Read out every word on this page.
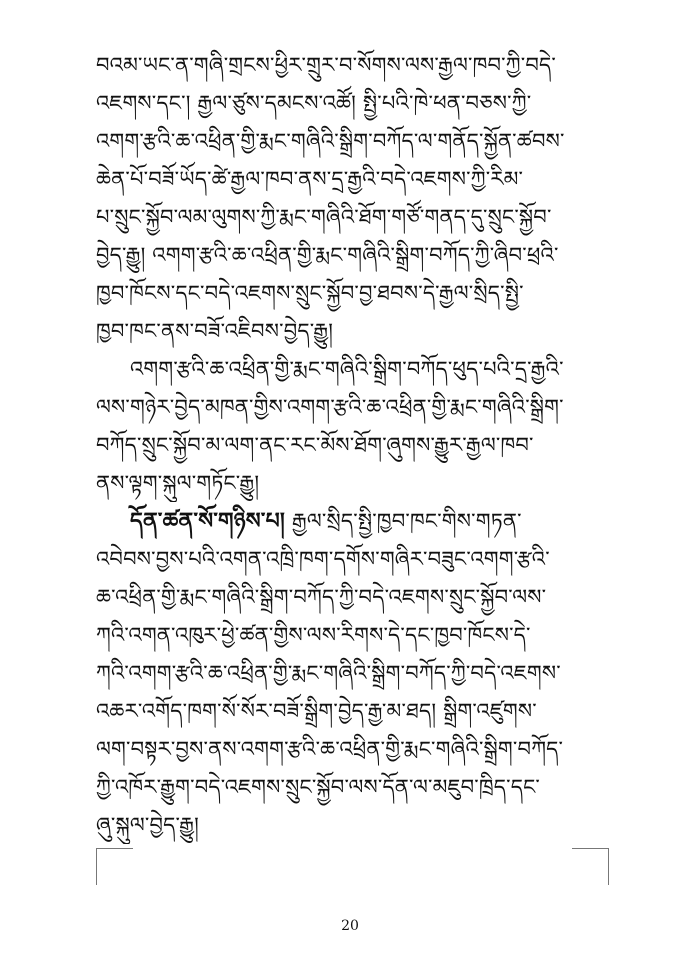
བའམ་ཡང་ན་གཞི་གྲངས་ཕྱིར་གྲུར་བ་སོགས་ལས་རྒྱལ་ཁབ་ཀྱི་བདེ་
འཇགས་དང་། རྒྱལ་ཙུས་དམངས་འཚོ། སྤྱི་པའི་ཁེ་ཕན་བཅས་ཀྱི་
འགག་རྩའི་ཆ་འཕྲིན་གྱི་རྨང་གཞིའི་སྒྲིག་བཀོད་ལ་གནོད་སྐྱོན་ཚབས་
ཆེན་པོ་བཟོ་ཡོད་ཚེ་རྒྱལ་ཁབ་ནས་དྲ་རྒྱའི་བདེ་འཇགས་ཀྱི་རིམ་
པ་སྲུང་སྐྱོབ་ལམ་ལུགས་ཀྱི་རྨང་གཞིའི་ཐོག་གཙོ་གནད་དུ་སྲུང་སྐྱོབ་
བྱེད་རྒྱུ། འགག་རྩའི་ཆ་འཕྲིན་གྱི་རྨང་གཞིའི་སྒྲིག་བཀོད་ཀྱི་ཞིབ་ཕྲའི་
ཁྱབ་ཁོངས་དང་བདེ་འཇགས་སྲུང་སྐྱོབ་བྱ་ཐབས་དེ་རྒྱལ་སྲིད་སྤྱི་
ཁྱབ་ཁང་ནས་བཟོ་འཇིབས་བྱེད་རྒྱུ།
འགག་རྩའི་ཆ་འཕྲིན་གྱི་རྨང་གཞིའི་སྒྲིག་བཀོད་ཕུད་པའི་དྲ་རྒྱའི་
ལས་གཉེར་བྱེད་མཁན་གྱིས་འགག་རྩའི་ཆ་འཕྲིན་གྱི་རྨང་གཞིའི་སྒྲིག་
བཀོད་སྲུང་སྐྱོབ་མ་ལག་ནང་རང་མོས་ཐོག་ཞུགས་རྒྱུར་རྒྱལ་ཁབ་
ནས་ལྟག་སྐུལ་གཏོང་རྒྱུ།
དོན་ཚན་སོ་གཉིས་པ། རྒྱལ་སྲིད་སྤྱི་ཁྱབ་ཁང་གིས་གཏན་
འབེབས་བྱས་པའི་འགན་འཁྲི་ཁག་དགོས་གཞིར་བཟུང་འགག་རྩའི་
ཆ་འཕྲིན་གྱི་རྨང་གཞིའི་སྒྲིག་བཀོད་ཀྱི་བདེ་འཇགས་སྲུང་སྐྱོབ་ལས་
ཀའི་འགན་འཁུར་ཕྱེ་ཚན་གྱིས་ལས་རིགས་དེ་དང་ཁྱབ་ཁོངས་དེ་
ཀའི་འགག་རྩའི་ཆ་འཕྲིན་གྱི་རྨང་གཞིའི་སྒྲིག་བཀོད་ཀྱི་བདེ་འཇགས་
འཆར་འགོད་ཁག་སོ་སོར་བཟོ་སྒྲིག་བྱེད་རྒྱ་མ་ཐད། སྒྲིག་འཛུགས་
ལག་བསྟར་བྱས་ནས་འགག་རྩའི་ཆ་འཕྲིན་གྱི་རྨང་གཞིའི་སྒྲིག་བཀོད་
ཀྱི་འཁོར་རྒྱུག་བདེ་འཇགས་སྲུང་སྐྱོབ་ལས་དོན་ལ་མཇུབ་ཁྲིད་དང་
ཞུ་སྐུལ་བྱེད་རྒྱུ།
20
